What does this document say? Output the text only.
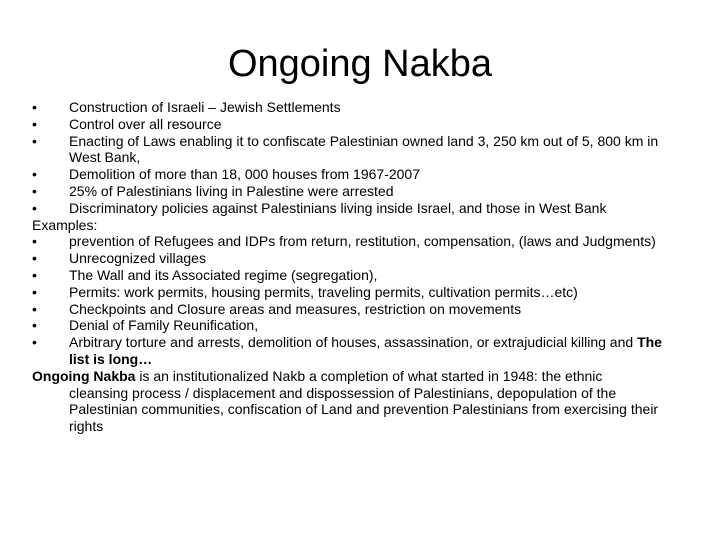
Ongoing Nakba
• Construction of Israeli – Jewish Settlements
• Control over all resource
• Enacting of Laws enabling it to confiscate Palestinian owned land 3, 250 km out of 5, 800 km in West Bank,
• Demolition of more than 18, 000 houses from 1967-2007
• 25% of Palestinians living in Palestine were arrested
• Discriminatory policies against Palestinians living inside Israel, and those in West Bank
Examples:
• prevention of Refugees and IDPs from return, restitution, compensation, (laws and Judgments)
• Unrecognized villages
• The Wall and its Associated regime (segregation),
• Permits: work permits, housing permits, traveling permits, cultivation permits…etc)
• Checkpoints and Closure areas and measures, restriction on movements
• Denial of Family Reunification,
• Arbitrary torture and arrests, demolition of houses, assassination, or extrajudicial killing and The list is long…
Ongoing Nakba is an institutionalized Nakb a completion of what started in 1948: the ethnic cleansing process / displacement and dispossession of Palestinians, depopulation of the Palestinian communities, confiscation of Land and prevention Palestinians from exercising their rights
